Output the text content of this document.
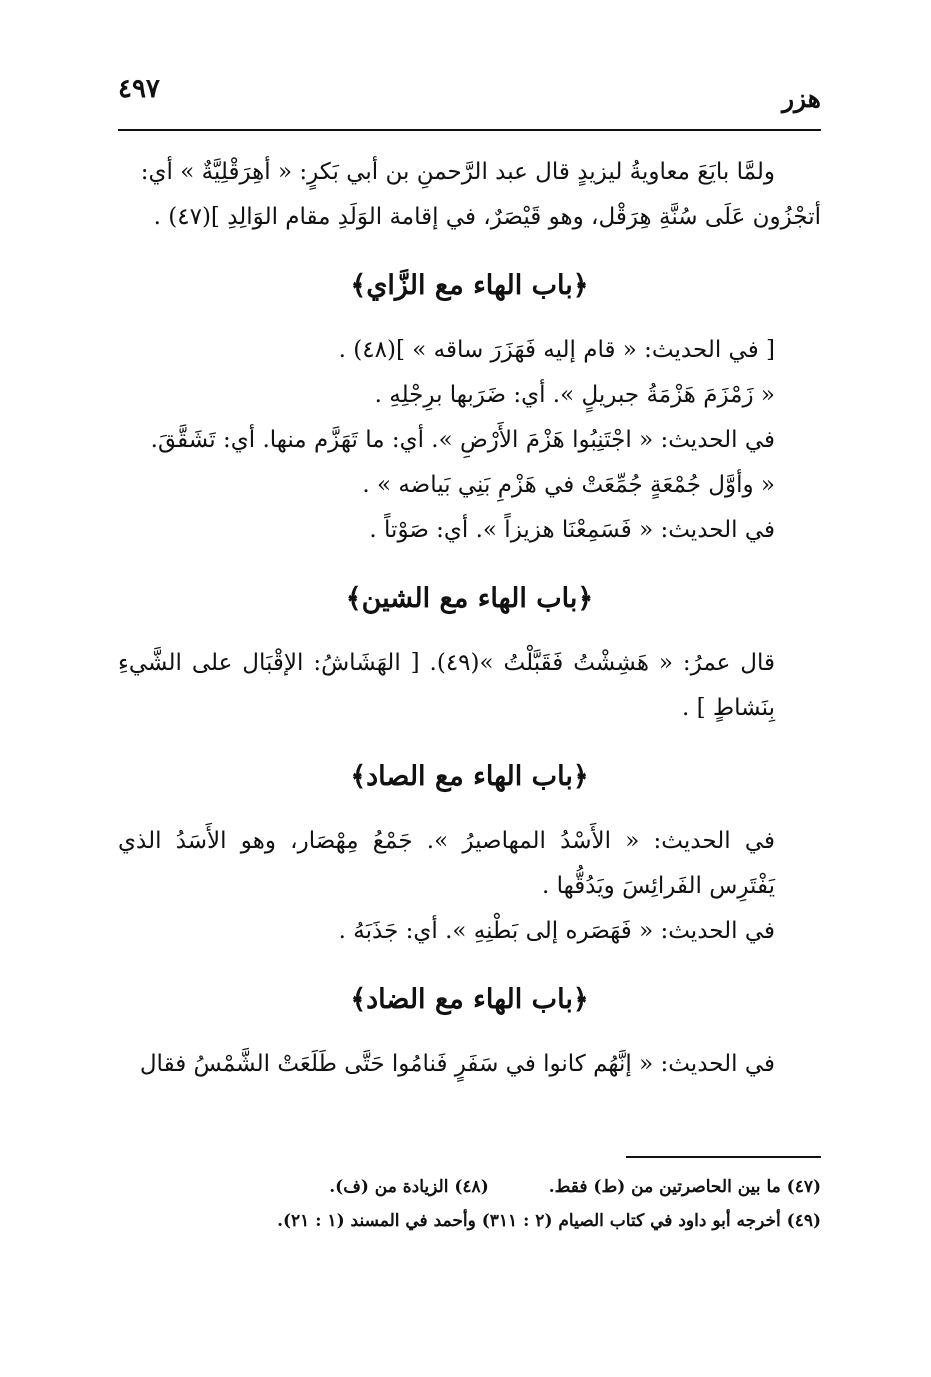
٤٩٧	هزر

ولمَّا بايَعَ معاويةُ ليزيدٍ قال عبد الرَّحمنِ بن أبي بَكرٍ: « أهِرَقْلِيَّةٌ » أي:

أتجْزُون عَلَى سُنَّةِ هِرَقْل، وهو قَيْصَرٌ، في إقامة الوَلَدِ مقام الوَالِدِ ](٤٧) .

﴿باب الهاء مع الزَّاي﴾

[ في الحديث: « قام إليه فَهَزَرَ ساقه » ](٤٨) .

« زَمْزَمَ هَزْمَةُ جبريلٍ ». أي: ضَرَبها برِجْلِهِ .

في الحديث: « اجْتَنِبُوا هَزْمَ الأَرْضِ ». أي: ما تَهَزَّم منها. أي: تَشَقَّقَ.

« وأوَّل جُمْعَةٍ جُمِّعَتْ في هَزْمِ بَنِي بَياضه » .

في الحديث: « فَسَمِعْنَا هزيزاً ». أي: صَوْتاً .

﴿باب الهاء مع الشين﴾

قال عمرُ: « هَشِشْتُ فَقَبَّلْتُ »(٤٩). [ الهَشَاشُ: الإقْبَال على الشَّيءِ بِنَشاطٍ ] .

﴿باب الهاء مع الصاد﴾

في الحديث: « الأَسْدُ المهاصيرُ ». جَمْعُ مِهْصَار، وهو الأَسَدُ الذي يَفْتَرِس الفَرائِسَ ويَدُقُّها .

في الحديث: « فَهَصَره إلى بَطْنِهِ ». أي: جَذَبَهُ .

﴿باب الهاء مع الضاد﴾

في الحديث: « إنَّهُم كانوا في سَفَرٍ فَنامُوا حَتَّى طَلَعَتْ الشَّمْسُ فقال

(٤٧) ما بين الحاصرتين من (ط) فقط.
(٤٨) الزيادة من (ف).
(٤٩) أخرجه أبو داود في كتاب الصيام (٢ : ٣١١) وأحمد في المسند (١ : ٢١).
